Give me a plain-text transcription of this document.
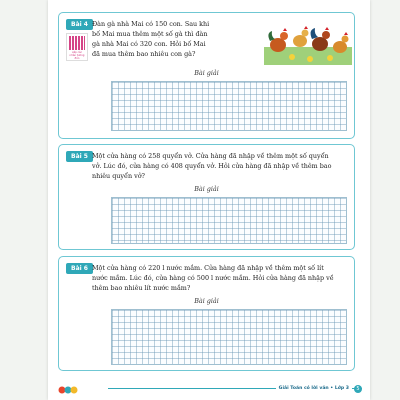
Bài 4
xếp các
nhân tương đồn
Đàn gà nhà Mai có 150 con. Sau khi
bố Mai mua thêm một số gà thì đàn
gà nhà Mai có 320 con. Hỏi bố Mai
đã mua thêm bao nhiêu con gà?
Bài giải
Bài 5 Một cửa hàng có 258 quyển vở. Cửa hàng đã nhập về thêm một số quyển
vở. Lúc đó, cửa hàng có 408 quyển vở. Hỏi cửa hàng đã nhập về thêm bao
nhiêu quyển vở?
Bài giải
Bài 6 Một cửa hàng có 220 l nước mắm. Cửa hàng đã nhập về thêm một số lít
nước mắm. Lúc đó, cửa hàng có 500 l nước mắm. Hỏi cửa hàng đã nhập về
thêm bao nhiêu lít nước mắm?
Bài giải
Giải Toán có lời văn • Lớp 3	5
